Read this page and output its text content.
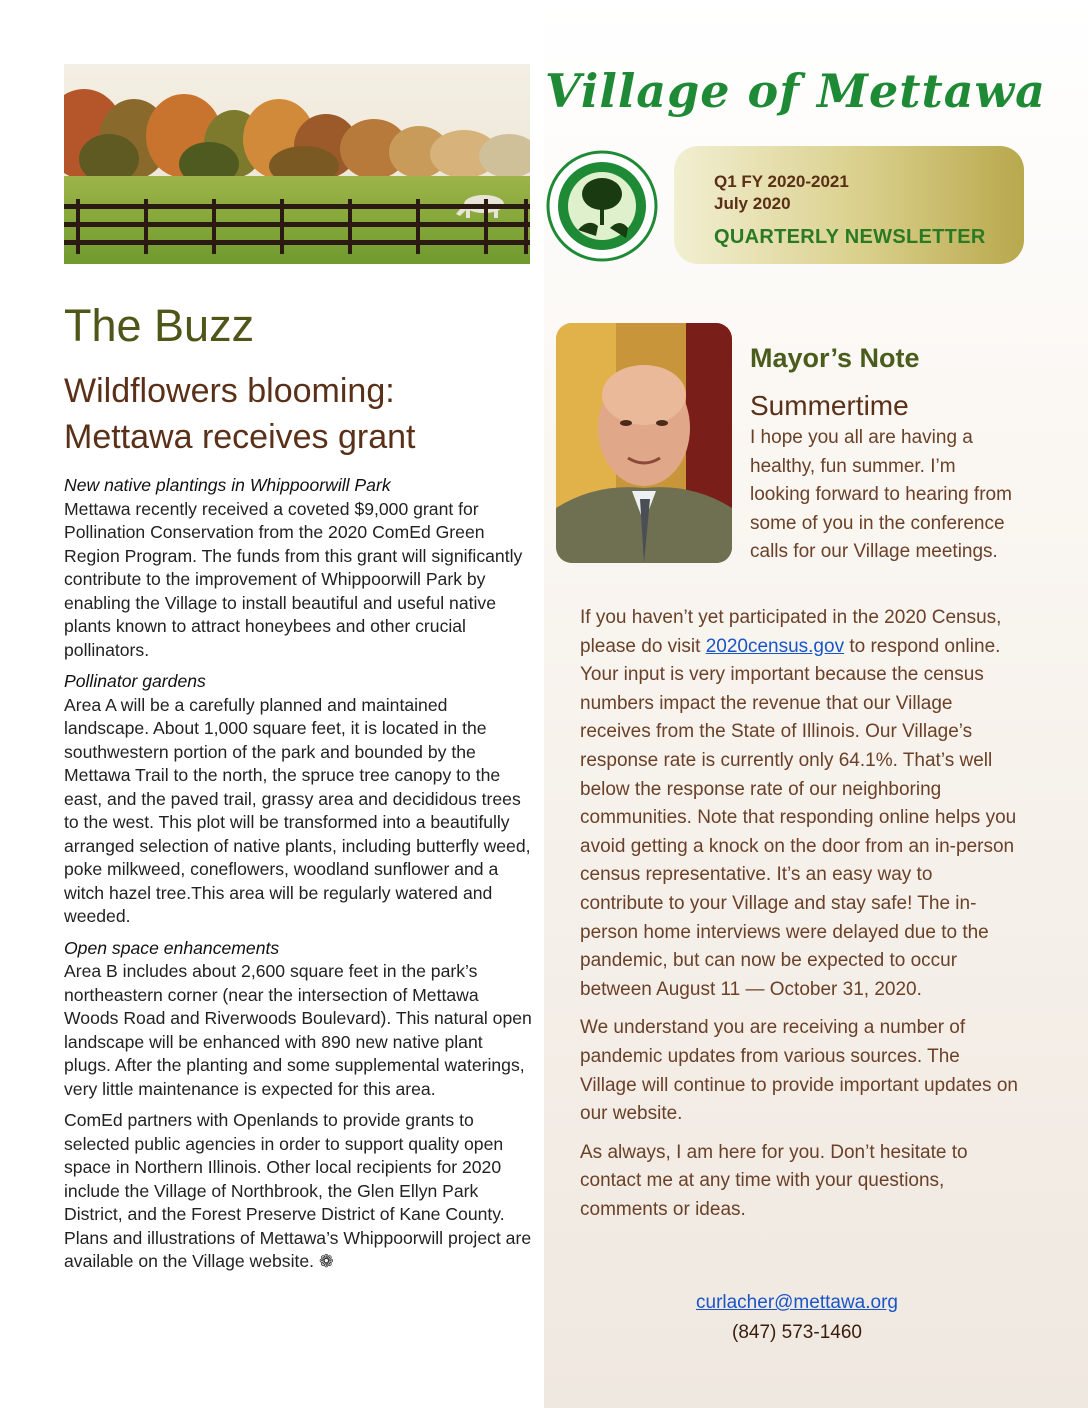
Village of Mettawa
Q1 FY 2020-2021
July 2020
QUARTERLY NEWSLETTER
The Buzz
Wildflowers blooming:
Mettawa receives grant

New native plantings in Whippoorwill Park
Mettawa recently received a coveted $9,000 grant for Pollination Conservation from the 2020 ComEd Green Region Program. The funds from this grant will significantly contribute to the improvement of Whippoorwill Park by enabling the Village to install beautiful and useful native plants known to attract honeybees and other crucial pollinators.

Pollinator gardens
Area A will be a carefully planned and maintained landscape. About 1,000 square feet, it is located in the southwestern portion of the park and bounded by the Mettawa Trail to the north, the spruce tree canopy to the east, and the paved trail, grassy area and decididous trees to the west. This plot will be transformed into a beautifully arranged selection of native plants, including butterfly weed, poke milkweed, coneflowers, woodland sunflower and a witch hazel tree.This area will be regularly watered and weeded.

Open space enhancements
Area B includes about 2,600 square feet in the park’s northeastern corner (near the intersection of Mettawa Woods Road and Riverwoods Boulevard). This natural open landscape will be enhanced with 890 new native plant plugs. After the planting and some supplemental waterings, very little maintenance is expected for this area.

ComEd partners with Openlands to provide grants to selected public agencies in order to support quality open space in Northern Illinois. Other local recipients for 2020 include the Village of Northbrook, the Glen Ellyn Park District, and the Forest Preserve District of Kane County. Plans and illustrations of Mettawa’s Whippoorwill project are available on the Village website. ❁

Mayor’s Note
Summertime
I hope you all are having a healthy, fun summer. I’m looking forward to hearing from some of you in the conference calls for our Village meetings.

If you haven’t yet participated in the 2020 Census, please do visit 2020census.gov to respond online. Your input is very important because the census numbers impact the revenue that our Village receives from the State of Illinois. Our Village’s response rate is currently only 64.1%. That’s well below the response rate of our neighboring communities. Note that responding online helps you avoid getting a knock on the door from an in-person census representative. It’s an easy way to contribute to your Village and stay safe! The in-person home interviews were delayed due to the pandemic, but can now be expected to occur between August 11 — October 31, 2020.

We understand you are receiving a number of pandemic updates from various sources. The Village will continue to provide important updates on our website.

As always, I am here for you. Don’t hesitate to contact me at any time with your questions, comments or ideas.

curlacher@mettawa.org
(847) 573-1460
